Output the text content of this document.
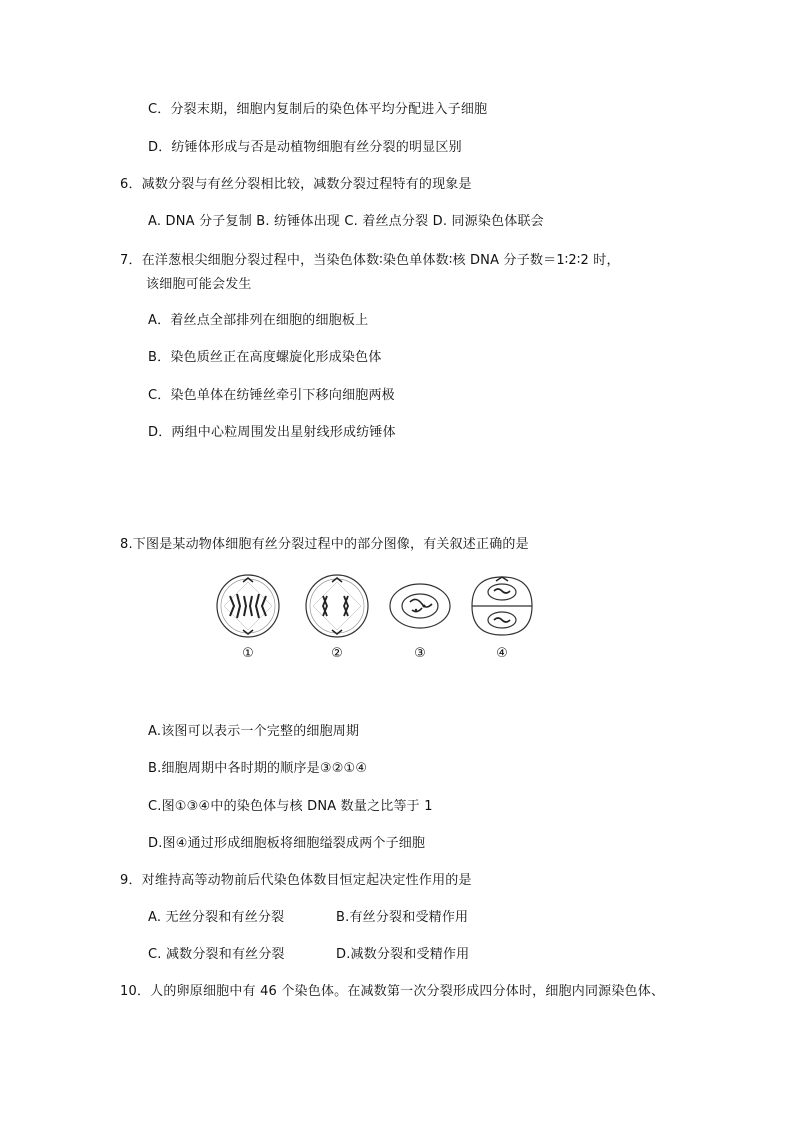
C．分裂末期，细胞内复制后的染色体平均分配进入子细胞
D．纺锤体形成与否是动植物细胞有丝分裂的明显区别
6．减数分裂与有丝分裂相比较，减数分裂过程特有的现象是
A. DNA 分子复制 B. 纺锤体出现 C. 着丝点分裂 D. 同源染色体联会
7．在洋葱根尖细胞分裂过程中，当染色体数∶染色单体数∶核 DNA 分子数＝1∶2∶2 时，
该细胞可能会发生
A．着丝点全部排列在细胞的细胞板上
B．染色质丝正在高度螺旋化形成染色体
C．染色单体在纺锤丝牵引下移向细胞两极
D．两组中心粒周围发出星射线形成纺锤体
8.下图是某动物体细胞有丝分裂过程中的部分图像，有关叙述正确的是
①	②	③	④
A.该图可以表示一个完整的细胞周期
B.细胞周期中各时期的顺序是③②①④
C.图①③④中的染色体与核 DNA 数量之比等于 1
D.图④通过形成细胞板将细胞缢裂成两个子细胞
9．对维持高等动物前后代染色体数目恒定起决定性作用的是
A. 无丝分裂和有丝分裂	B.有丝分裂和受精作用
C. 减数分裂和有丝分裂	D.减数分裂和受精作用
10．人的卵原细胞中有 46 个染色体。在减数第一次分裂形成四分体时，细胞内同源染色体、
